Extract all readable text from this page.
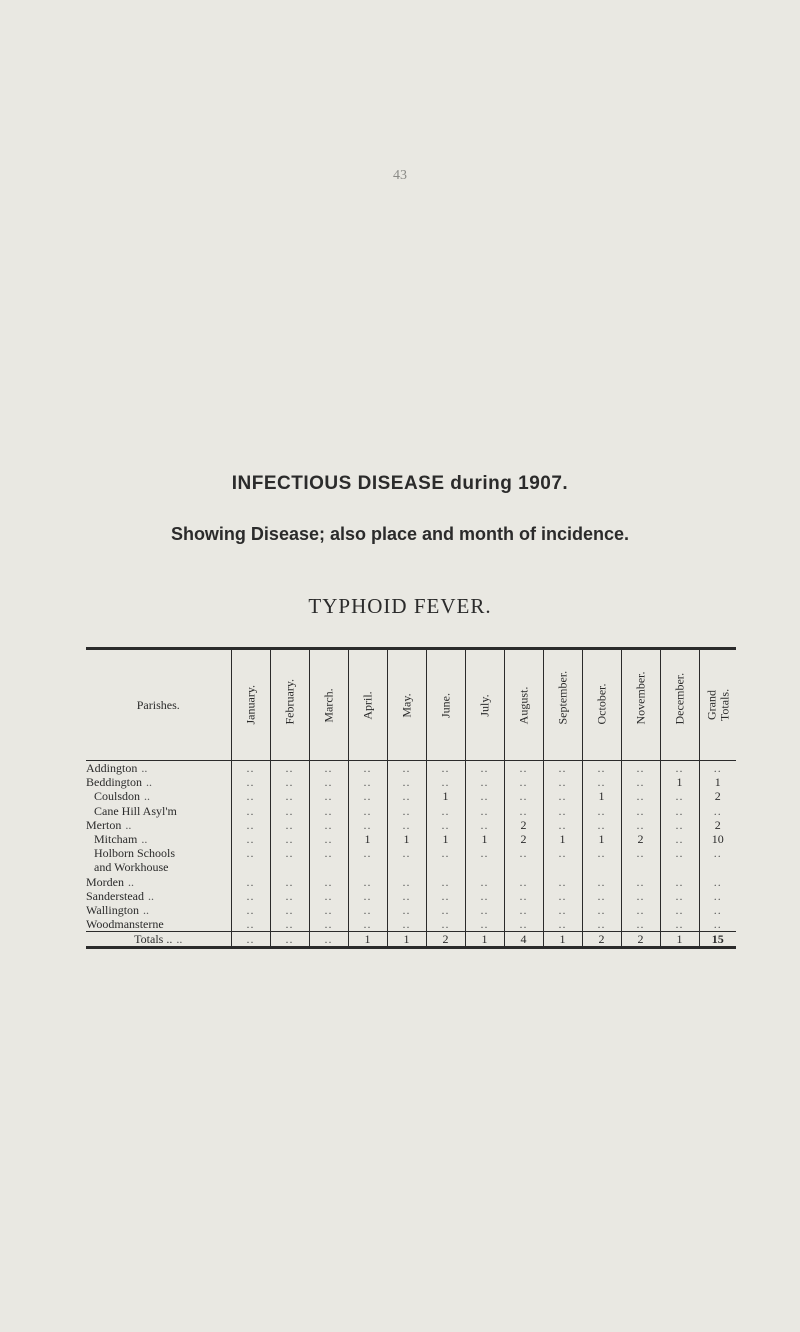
43
INFECTIOUS DISEASE during 1907.
Showing Disease; also place and month of incidence.
TYPHOID FEVER.
Parishes.	January.	February.	March.	April.	May.	June.	July.	August.	September.	October.	November.	December.	Grand
Totals.

Addington ..	..	..	..	..	..	..	..	..	..	..	..	..	..
Beddington ..	..	..	..	..	..	..	..	..	..	..	..	1	1
Coulsdon ..	..	..	..	..	..	1	..	..	..	1	..	..	2
Cane Hill Asyl'm	..	..	..	..	..	..	..	..	..	..	..	..	..
Merton ..	..	..	..	..	..	..	..	2	..	..	..	..	2
Mitcham ..	..	..	..	1	1	1	1	2	1	1	2	..	10
Holborn Schools	..	..	..	..	..	..	..	..	..	..	..	..	..
and Workhouse													
Morden ..	..	..	..	..	..	..	..	..	..	..	..	..	..
Sanderstead ..	..	..	..	..	..	..	..	..	..	..	..	..	..
Wallington ..	..	..	..	..	..	..	..	..	..	..	..	..	..
Woodmansterne	..	..	..	..	..	..	..	..	..	..	..	..	..
Totals .. ..	..	..	..	1	1	2	1	4	1	2	2	1	15
